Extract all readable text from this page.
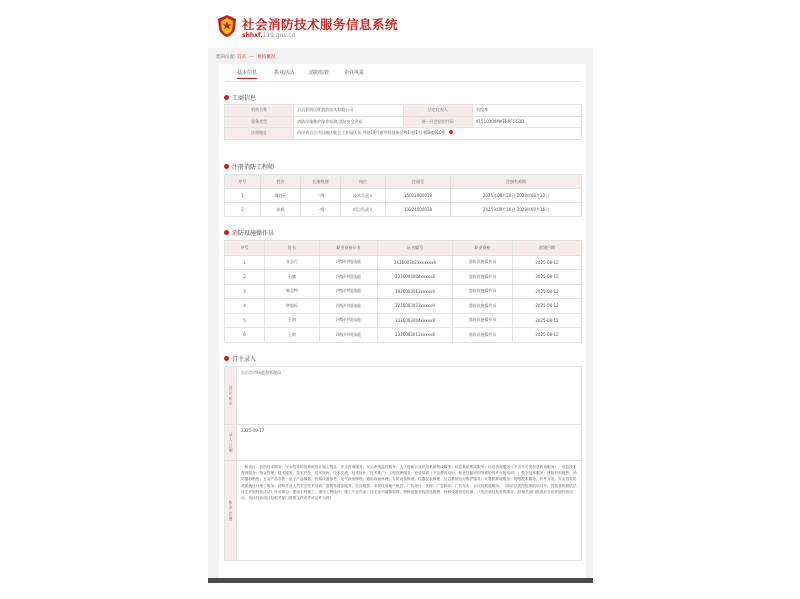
社会消防技术服务信息系统
shhxf.119.gov.cn
您的位置: 首页 — 机构概况
基本信息	执业活动	消防监管	企业风采
工商信息
机构名称	自贡智润远维消防技术有限公司	法定代表人	刘俊林
服务类型	消防设施维护保养检测,消防安全评估	统一社会信用代码	91510300MAERPFGG3D
注册地址	四川省自贡市沿滩区帐合工业园区东 坪路19号南坪科技新区栈1-辖1号 楼B楼910室		
注册消防工程师
序号	姓名	注册级别	岗位	注册号	注册有效期
1	黎诗元	一级	技术负责人	15022000018	2025年08月20日-2028年08月20日
2	张娟	一级	项目负责人	13224000038	2025年09月16日-2028年09月16日
消防设施操作员
序号	姓名	职业资格证书	证书编号	职业资格	创建日期
1	张志行	四级/中级技能	2436003023xxxxxx9	消防设施操作员	2025-08-12
2	石鹏	四级/中级技能	2336003004xxxxx8	消防设施操作员	2025-08-12
3	韩志特	四级/中级技能	1936003013xxxxx9	消防设施操作员	2025-08-12
4	钟敬标	四级/中级技能	2236003023xxxxx9	消防设施操作员	2025-08-12
5	王海	四级/中级技能	2336003004xxxxx8	消防设施操作员	2025-08-12
6	王朗	四级/中级技能	2336003013xxxxx8	消防设施操作员	2025-08-12
自主录入
登记机关	自贡市市场监督管理局
录入日期	2025-09-17
执业范围	一般项目：消防技术服务；安全技术防范系统设计施工服务；安全咨询服务；安全系统监控服务；人工智能行业应用系统集成服务；信息系统集成服务；信息咨询服务（不含许可类信息咨询服务）；信息技术咨询服务；物业管理；技术服务、技术开发、技术咨询、技术交流、技术转让、技术推广；工程管理服务；业务培训（不含教育培训、职业技能培训等需取得许可的培训）；数字技术服务；建筑材料销售；消防器材销售；五金产品零售；电子产品销售；机械设备销售；电气设备修理；通用设备修理；专用设备修理；仪器仪表修理；信息系统运行维护服务；计算机系统服务；网络技术服务；软件开发；安全技术防范系统设计施工服务；特种作业人员安全技术培训；建筑物清洁服务；住房租赁；非居住房地产租赁；广告设计、代理；广告制作；广告发布；会议及展览服务。（除依法须经批准的项目外，凭营业执照依法自主开展经营活动）许可项目：建设工程施工；建设工程设计；施工专业作业；住宅室内装饰装修；特种设备安装改造修理；特种设备检验检测。（依法须经批准的项目，经相关部门批准后方可开展经营活动，具体经营项目以相关部门批准文件或许可证件为准）
